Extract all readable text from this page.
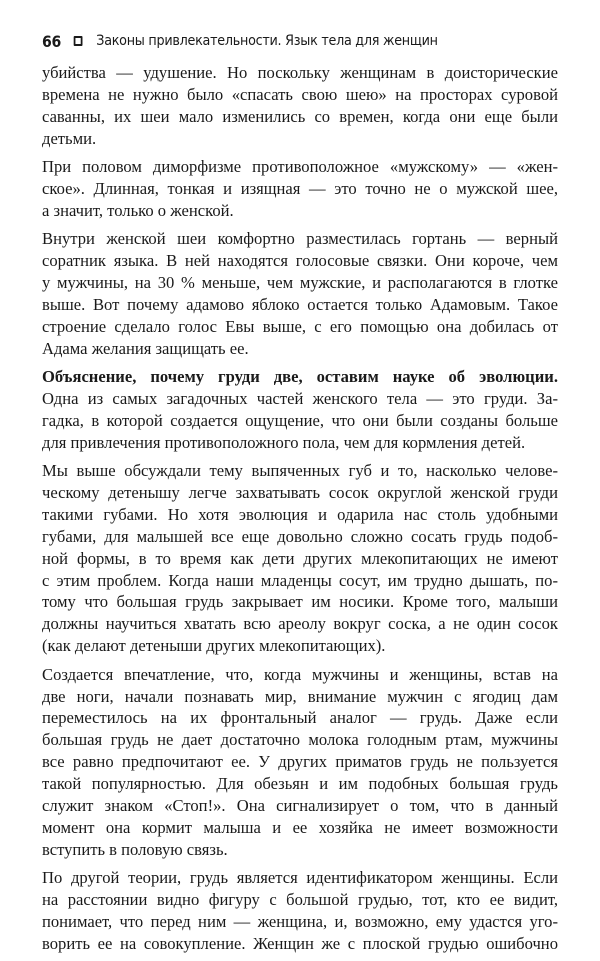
66 Законы привлекательности. Язык тела для женщин
убийства — удушение. Но поскольку женщинам в доисторические
времена не нужно было «спасать свою шею» на просторах суровой
саванны, их шеи мало изменились со времен, когда они еще были
детьми.
При половом диморфизме противоположное «мужскому» — «жен-
ское». Длинная, тонкая и изящная — это точно не о мужской шее,
а значит, только о женской.
Внутри женской шеи комфортно разместилась гортань — верный
соратник языка. В ней находятся голосовые связки. Они короче, чем
у мужчины, на 30 % меньше, чем мужские, и располагаются в глотке
выше. Вот почему адамово яблоко остается только Адамовым. Такое
строение сделало голос Евы выше, с его помощью она добилась от
Адама желания защищать ее.
Объяснение, почему груди две, оставим науке об эволюции.
Одна из самых загадочных частей женского тела — это груди. За-
гадка, в которой создается ощущение, что они были созданы больше
для привлечения противоположного пола, чем для кормления детей.
Мы выше обсуждали тему выпяченных губ и то, насколько челове-
ческому детенышу легче захватывать сосок округлой женской груди
такими губами. Но хотя эволюция и одарила нас столь удобными
губами, для малышей все еще довольно сложно сосать грудь подоб-
ной формы, в то время как дети других млекопитающих не имеют
с этим проблем. Когда наши младенцы сосут, им трудно дышать, по-
тому что большая грудь закрывает им носики. Кроме того, малыши
должны научиться хватать всю ареолу вокруг соска, а не один сосок
(как делают детеныши других млекопитающих).
Создается впечатление, что, когда мужчины и женщины, встав на
две ноги, начали познавать мир, внимание мужчин с ягодиц дам
переместилось на их фронтальный аналог — грудь. Даже если
большая грудь не дает достаточно молока голодным ртам, мужчины
все равно предпочитают ее. У других приматов грудь не пользуется
такой популярностью. Для обезьян и им подобных большая грудь
служит знаком «Стоп!». Она сигнализирует о том, что в данный
момент она кормит малыша и ее хозяйка не имеет возможности
вступить в половую связь.
По другой теории, грудь является идентификатором женщины. Если
на расстоянии видно фигуру с большой грудью, тот, кто ее видит,
понимает, что перед ним — женщина, и, возможно, ему удастся уго-
ворить ее на совокупление. Женщин же с плоской грудью ошибочно
